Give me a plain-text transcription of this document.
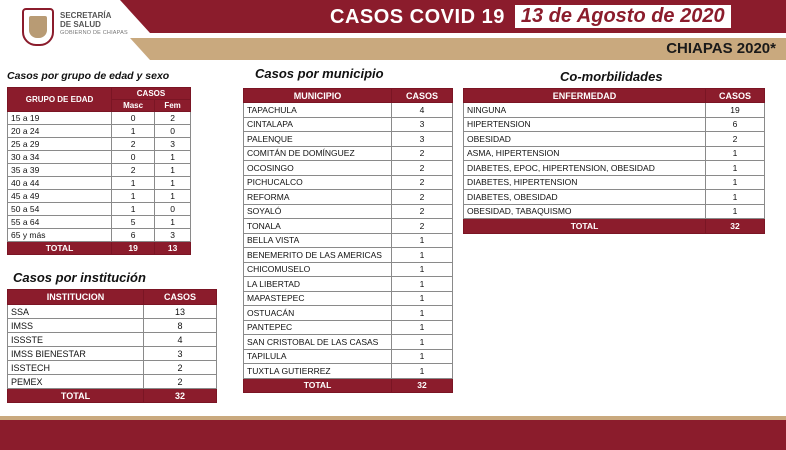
CASOS COVID 19 13 de Agosto de 2020
SECRETARÍA
DE SALUD
GOBIERNO DE CHIAPAS
CHIAPAS 2020*
Casos por grupo de edad y sexo
GRUPO DE EDAD	CASOS	
	Masc	Fem
15 a 19	0	2
20 a 24	1	0
25 a 29	2	3
30 a 34	0	1
35 a 39	2	1
40 a 44	1	1
45 a 49	1	1
50 a 54	1	0
55 a 64	5	1
65 y más	6	3
TOTAL	19	13
Casos por institución
INSTITUCION	CASOS
SSA	13
IMSS	8
ISSSTE	4
IMSS BIENESTAR	3
ISSTECH	2
PEMEX	2
TOTAL	32
Casos por municipio
MUNICIPIO	CASOS
TAPACHULA	4
CINTALAPA	3
PALENQUE	3
COMITÁN DE DOMÍNGUEZ	2
OCOSINGO	2
PICHUCALCO	2
REFORMA	2
SOYALÓ	2
TONALA	2
BELLA VISTA	1
BENEMERITO DE LAS AMERICAS	1
CHICOMUSELO	1
LA LIBERTAD	1
MAPASTEPEC	1
OSTUACÁN	1
PANTEPEC	1
SAN CRISTOBAL DE LAS CASAS	1
TAPILULA	1
TUXTLA GUTIERREZ	1
TOTAL	32
Co-morbilidades
ENFERMEDAD	CASOS
NINGUNA	19
HIPERTENSION	6
OBESIDAD	2
ASMA, HIPERTENSION	1
DIABETES, EPOC, HIPERTENSION, OBESIDAD	1
DIABETES, HIPERTENSION	1
DIABETES, OBESIDAD	1
OBESIDAD, TABAQUISMO	1
TOTAL	32
